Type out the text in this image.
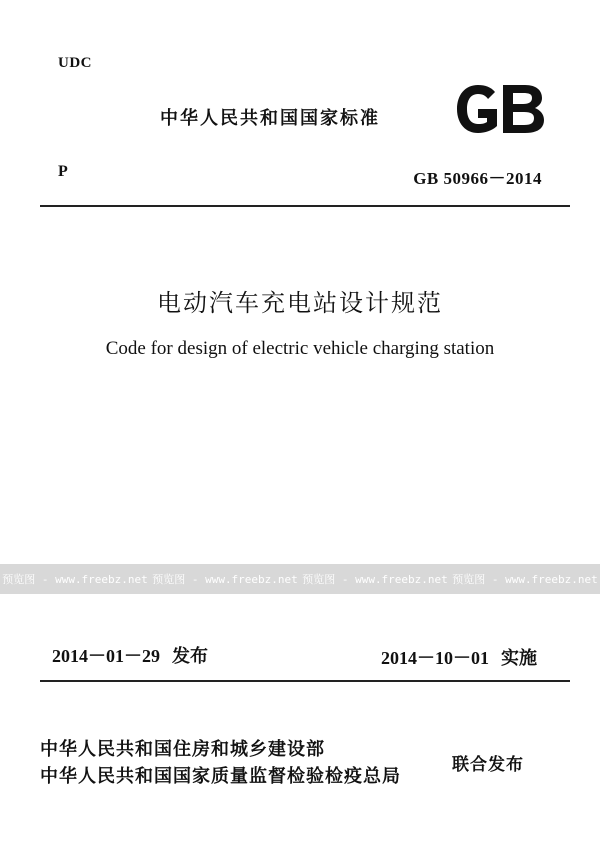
UDC
中华人民共和国国家标准
P	GB 50966－2014
电动汽车充电站设计规范
Code for design of electric vehicle charging station
预览图 - www.freebz.net 预览图 - www.freebz.net 预览图 - www.freebz.net 预览图 - www.freebz.net
2014－01－29 发布	2014－10－01 实施
中华人民共和国住房和城乡建设部
中华人民共和国国家质量监督检验检疫总局
联合发布
